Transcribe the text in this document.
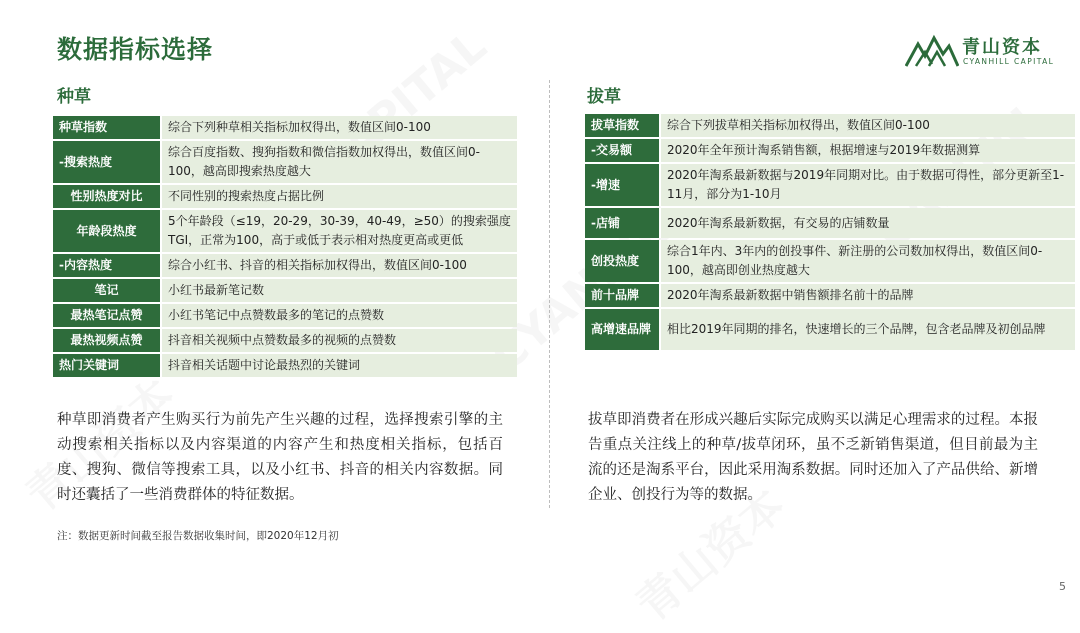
数据指标选择	青山资本
CYANHILL CAPITAL
种草	拔草
种草指数	综合下列种草相关指标加权得出，数值区间0-100
-搜索热度	综合百度指数、搜狗指数和微信指数加权得出，数值区间0-100，越高即搜索热度越大
性别热度对比	不同性别的搜索热度占据比例
年龄段热度	5个年龄段（≤19，20-29，30-39，40-49，≥50）的搜索强度TGI，正常为100，高于或低于表示相对热度更高或更低
-内容热度	综合小红书、抖音的相关指标加权得出，数值区间0-100
笔记	小红书最新笔记数
最热笔记点赞	小红书笔记中点赞数最多的笔记的点赞数
最热视频点赞	抖音相关视频中点赞数最多的视频的点赞数
热门关键词	抖音相关话题中讨论最热烈的关键词
拔草指数	综合下列拔草相关指标加权得出，数值区间0-100
-交易额	2020年全年预计淘系销售额，根据增速与2019年数据测算
-增速	2020年淘系最新数据与2019年同期对比。由于数据可得性，部分更新至1-11月，部分为1-10月
-店铺	2020年淘系最新数据，有交易的店铺数量
创投热度	综合1年内、3年内的创投事件、新注册的公司数加权得出，数值区间0-100，越高即创业热度越大
前十品牌	2020年淘系最新数据中销售额排名前十的品牌
高增速品牌	相比2019年同期的排名，快速增长的三个品牌，包含老品牌及初创品牌
种草即消费者产生购买行为前先产生兴趣的过程，选择搜索引擎的主动搜索相关指标以及内容渠道的内容产生和热度相关指标，包括百度、搜狗、微信等搜索工具，以及小红书、抖音的相关内容数据。同时还囊括了一些消费群体的特征数据。
拔草即消费者在形成兴趣后实际完成购买以满足心理需求的过程。本报告重点关注线上的种草/拔草闭环，虽不乏新销售渠道，但目前最为主流的还是淘系平台，因此采用淘系数据。同时还加入了产品供给、新增企业、创投行为等的数据。
注：数据更新时间截至报告数据收集时间，即2020年12月初
5
